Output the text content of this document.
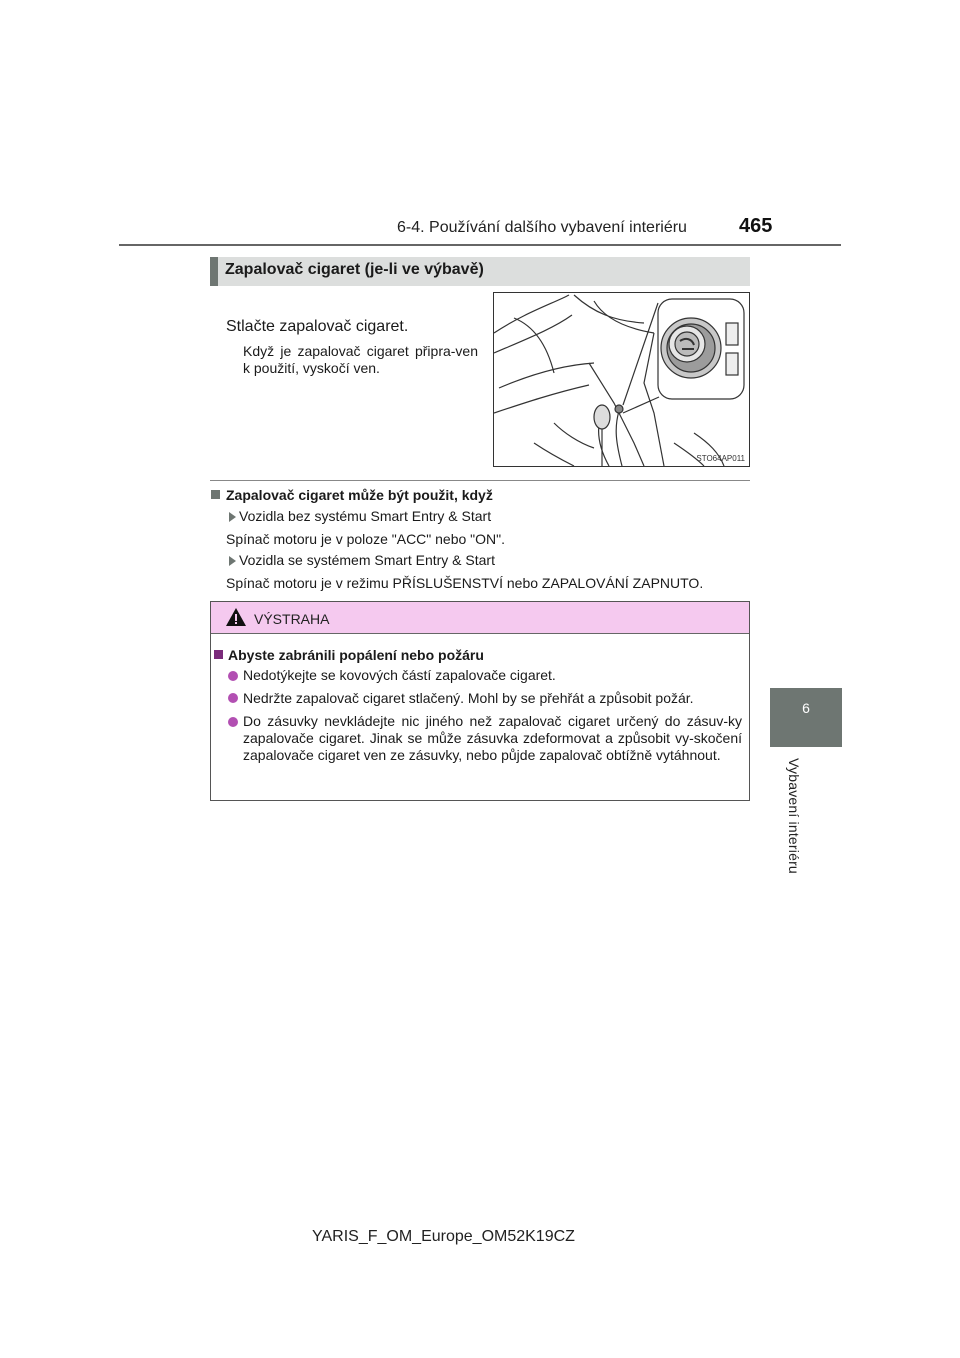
6-4. Používání dalšího vybavení interiéru	465
6
Vybavení interiéru
Zapalovač cigaret (je-li ve výbavě)
Stlačte zapalovač cigaret.
Když je zapalovač cigaret připra-ven k použití, vyskočí ven.
STO64AP011
Zapalovač cigaret může být použit, když
Vozidla bez systému Smart Entry & Start
Spínač motoru je v poloze "ACC" nebo "ON".
Vozidla se systémem Smart Entry & Start
Spínač motoru je v režimu PŘÍSLUŠENSTVÍ nebo ZAPALOVÁNÍ ZAPNUTO.
VÝSTRAHA
Abyste zabránili popálení nebo požáru
Nedotýkejte se kovových částí zapalovače cigaret.
Nedržte zapalovač cigaret stlačený. Mohl by se přehřát a způsobit požár.
Do zásuvky nevkládejte nic jiného než zapalovač cigaret určený do zásuv-ky zapalovače cigaret. Jinak se může zásuvka zdeformovat a způsobit vy-skočení zapalovače cigaret ven ze zásuvky, nebo půjde zapalovač obtížně vytáhnout.
YARIS_F_OM_Europe_OM52K19CZ
